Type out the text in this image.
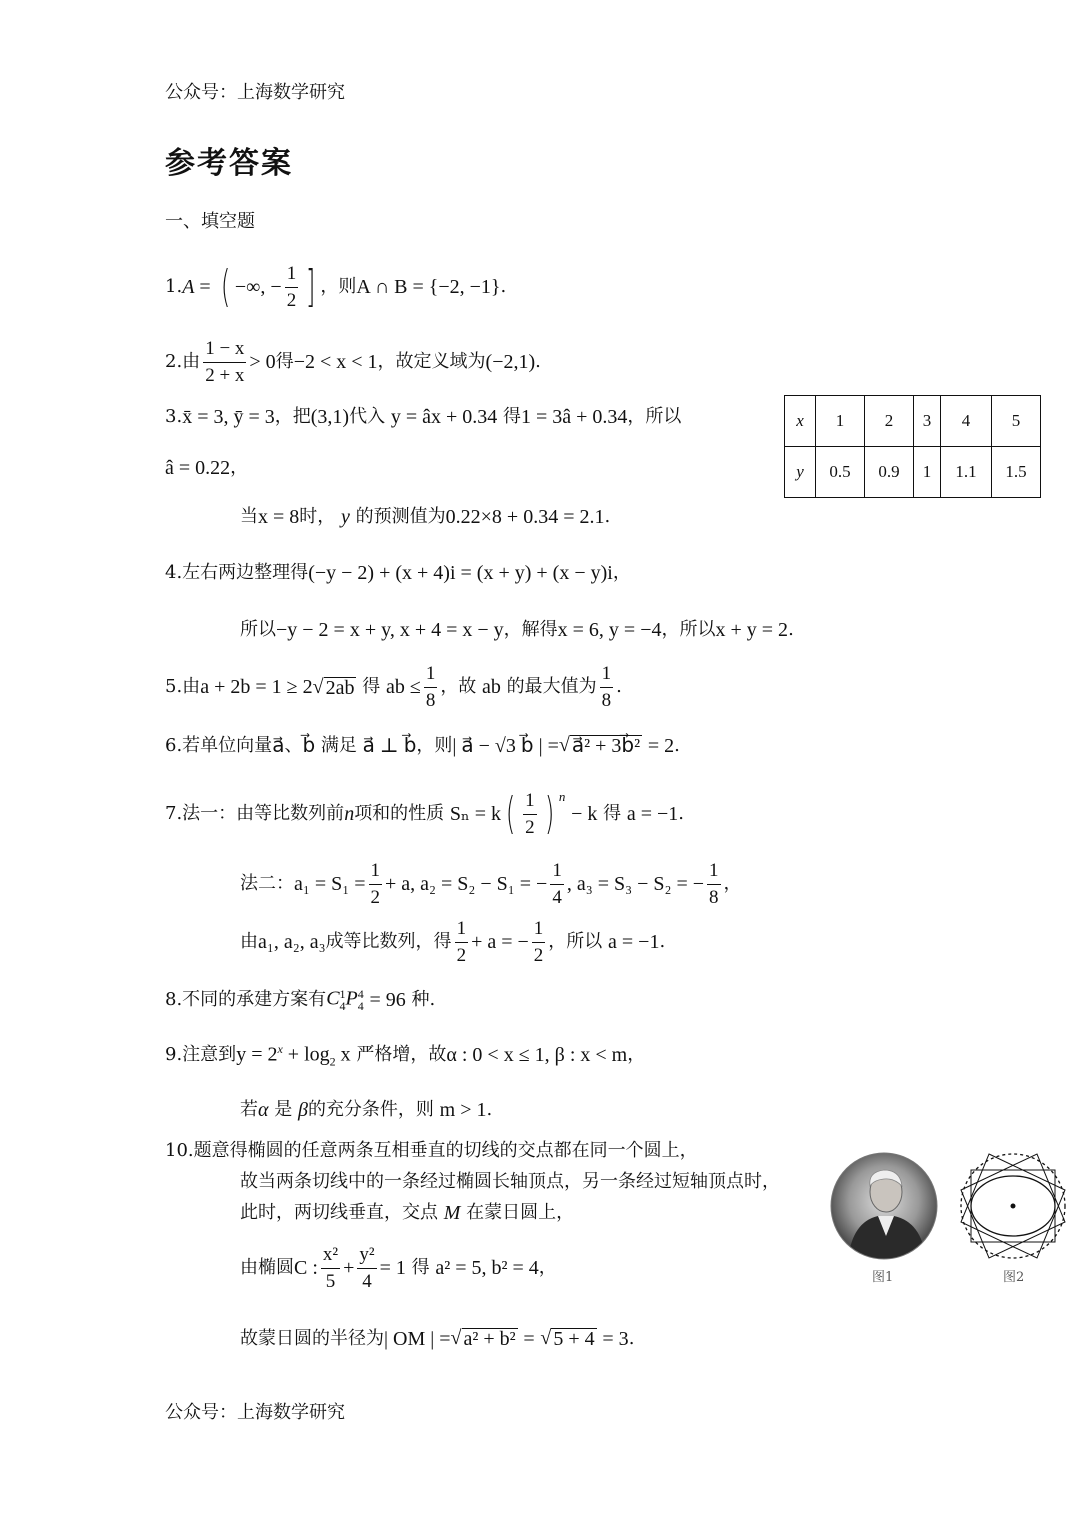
公众号：上海数学研究
参考答案
一、填空题
1. A = ( −∞, − $\frac{1}{2}$ ] ，则 A ∩ B = {−2, −1} .
2.由 $\frac{1 - x}{2 + x} > 0$ 得 −2 < x < 1 ，故定义域为 (−2,1) .
3. x̄ = 3, ȳ = 3 ，把 (3,1) 代入
y = âx + 0.34
得 1 = 3â + 0.34 ，所以
â = 0.22 ，
当 x = 8 时，
y
的预测值为 0.22×8 + 0.34 = 2.1 .
x	1	2	3	4	5
y	0.5	0.9	1	1.1	1.5
4.左右两边整理得 (−y − 2) + (x + 4)i = (x + y) + (x − y)i ，
所以 −y − 2 = x + y, x + 4 = x − y ，解得 x = 6, y = −4 ，所以 x + y = 2 .
5.由 a + 2b = 1 ≥ 2 √ 2ab
得
ab ≤ $\frac{1}{8}$ ，故
ab
的最大值为 $\frac{1}{8}$ .
6.若单位向量 a⃗ 、 b⃗
满足
a⃗ ⊥ b⃗ ，则 | a⃗ − √3 b⃗ | = √ a⃗² + 3b⃗²
= 2 .
7.法一：由等比数列前 n 项和的性质
Sₙ = k ( $\frac{1}{2}$ ) $^n$

− k
得
a = −1 .
法二： $a_1 = S_1 = \frac{1}{2} + a$, a₂ = S₂ − S₁ = − $\frac{1}{4}$ , a₃ = S₃ − S₂ = − $\frac{1}{8}$ ，
由 a₁, a₂, a₃ 成等比数列，得 $\frac{1}{2} + a$ = − $\frac{1}{2}$ ，所以
a = −1 .
8.不同的承建方案有 C 1
4 P 4
4
= 96
种.
9.注意到 $y = 2^x + \log_2 x$
严格增，故 α : 0 < x ≤ 1, β : x < m ，
若 α
是
β 的充分条件，则
m > 1 .
10.题意得椭圆的任意两条互相垂直的切线的交点都在同一个圆上，
故当两条切线中的一条经过椭圆长轴顶点，另一条经过短轴顶点时，
此时，两切线垂直，交点
M
在蒙日圆上，
由椭圆 C : $\frac{\text{x²}}{5} + \frac{\text{y²}}{4} = 1$
得
a² = 5, b² = 4 ，
故蒙日圆的半径为 | OM | = √ a² + b²
=
√ 5 + 4
= 3 .
图1	图2
公众号：上海数学研究
